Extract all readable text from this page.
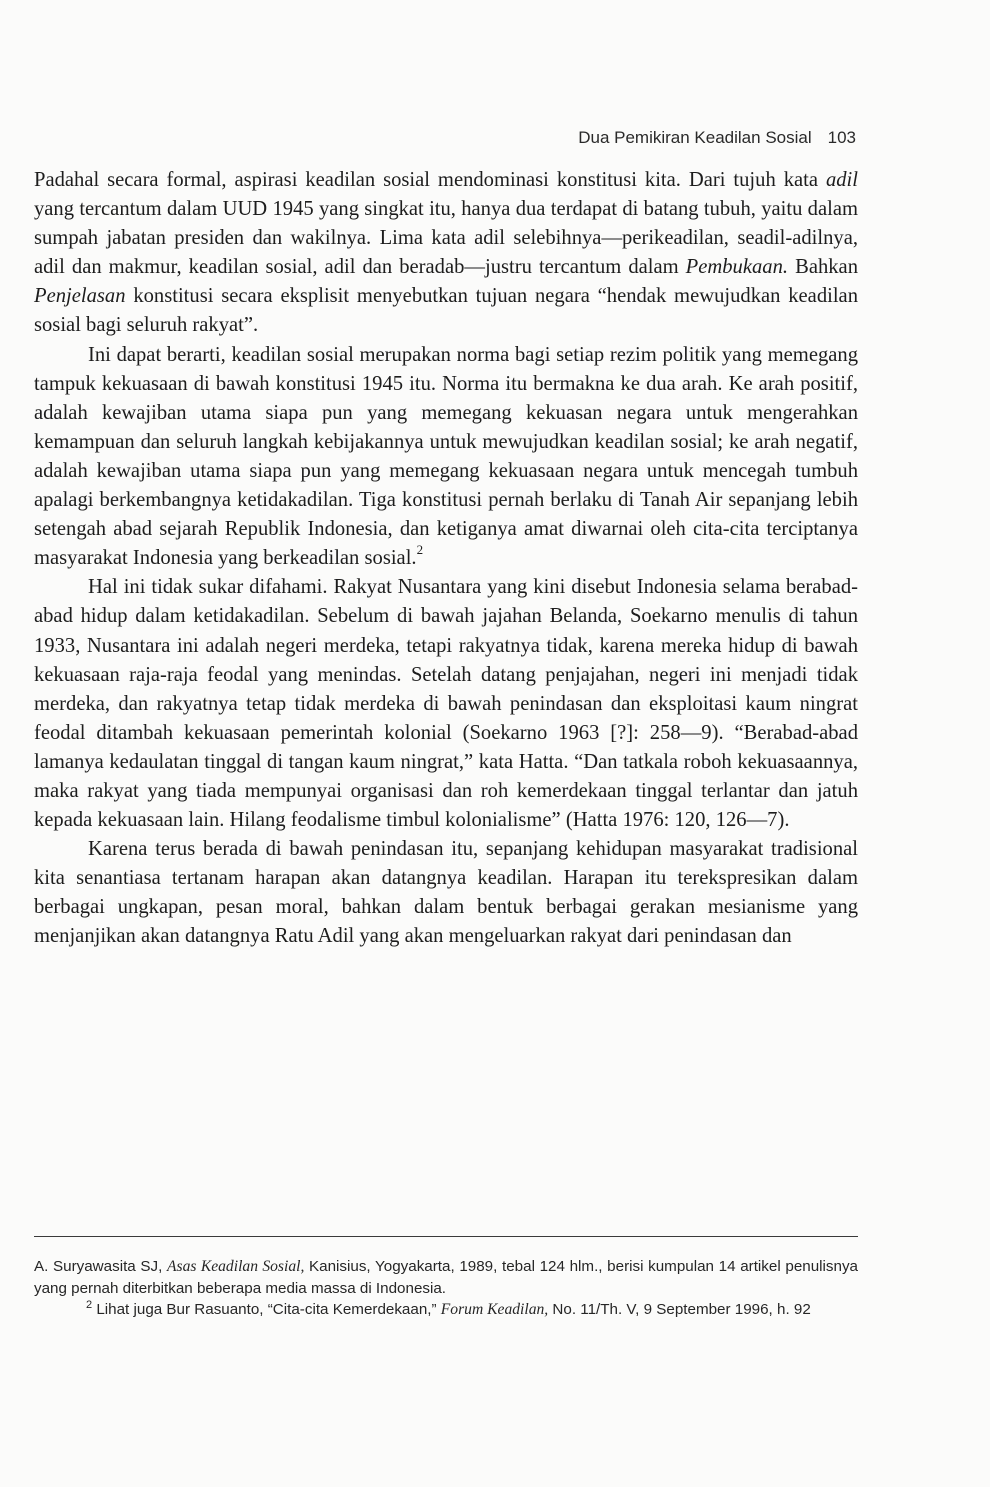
Dua Pemikiran Keadilan Sosial 103

Padahal secara formal, aspirasi keadilan sosial mendominasi konstitusi kita. Dari tujuh kata adil yang tercantum dalam UUD 1945 yang singkat itu, hanya dua terdapat di batang tubuh, yaitu dalam sumpah jabatan presiden dan wakilnya. Lima kata adil selebihnya—perikeadilan, seadil-adilnya, adil dan makmur, keadilan sosial, adil dan beradab—justru tercantum dalam Pembukaan. Bahkan Penjelasan konstitusi secara eksplisit menyebutkan tujuan negara “hendak mewujudkan keadilan sosial bagi seluruh rakyat”.

Ini dapat berarti, keadilan sosial merupakan norma bagi setiap rezim politik yang memegang tampuk kekuasaan di bawah konstitusi 1945 itu. Norma itu bermakna ke dua arah. Ke arah positif, adalah kewajiban utama siapa pun yang memegang kekuasan negara untuk mengerahkan kemampuan dan seluruh langkah kebijakannya untuk mewujudkan keadilan sosial; ke arah negatif, adalah kewajiban utama siapa pun yang memegang kekuasaan negara untuk mencegah tumbuh apalagi berkembangnya ketidakadilan. Tiga konstitusi pernah berlaku di Tanah Air sepanjang lebih setengah abad sejarah Republik Indonesia, dan ketiganya amat diwarnai oleh cita-cita terciptanya masyarakat Indonesia yang berkeadilan sosial.$^2$

Hal ini tidak sukar difahami. Rakyat Nusantara yang kini disebut Indonesia selama berabad-abad hidup dalam ketidakadilan. Sebelum di bawah jajahan Belanda, Soekarno menulis di tahun 1933, Nusantara ini adalah negeri merdeka, tetapi rakyatnya tidak, karena mereka hidup di bawah kekuasaan raja-raja feodal yang menindas. Setelah datang penjajahan, negeri ini menjadi tidak merdeka, dan rakyatnya tetap tidak merdeka di bawah penindasan dan eksploitasi kaum ningrat feodal ditambah kekuasaan pemerintah kolonial (Soekarno 1963 [?]: 258—9). “Berabad-abad lamanya kedaulatan tinggal di tangan kaum ningrat,” kata Hatta. “Dan tatkala roboh kekuasaannya, maka rakyat yang tiada mempunyai organisasi dan roh kemerdekaan tinggal terlantar dan jatuh kepada kekuasaan lain. Hilang feodalisme timbul kolonialisme” (Hatta 1976: 120, 126—7).

Karena terus berada di bawah penindasan itu, sepanjang kehidupan masyarakat tradisional kita senantiasa tertanam harapan akan datangnya keadilan. Harapan itu terekspresikan dalam berbagai ungkapan, pesan moral, bahkan dalam bentuk berbagai gerakan mesianisme yang menjanjikan akan datangnya Ratu Adil yang akan mengeluarkan rakyat dari penindasan dan

A. Suryawasita SJ, Asas Keadilan Sosial, Kanisius, Yogyakarta, 1989, tebal 124 hlm., berisi kumpulan 14 artikel penulisnya yang pernah diterbitkan beberapa media massa di Indonesia.

$^2$ Lihat juga Bur Rasuanto, “Cita-cita Kemerdekaan,” Forum Keadilan, No. 11/Th. V, 9 September 1996, h. 92
